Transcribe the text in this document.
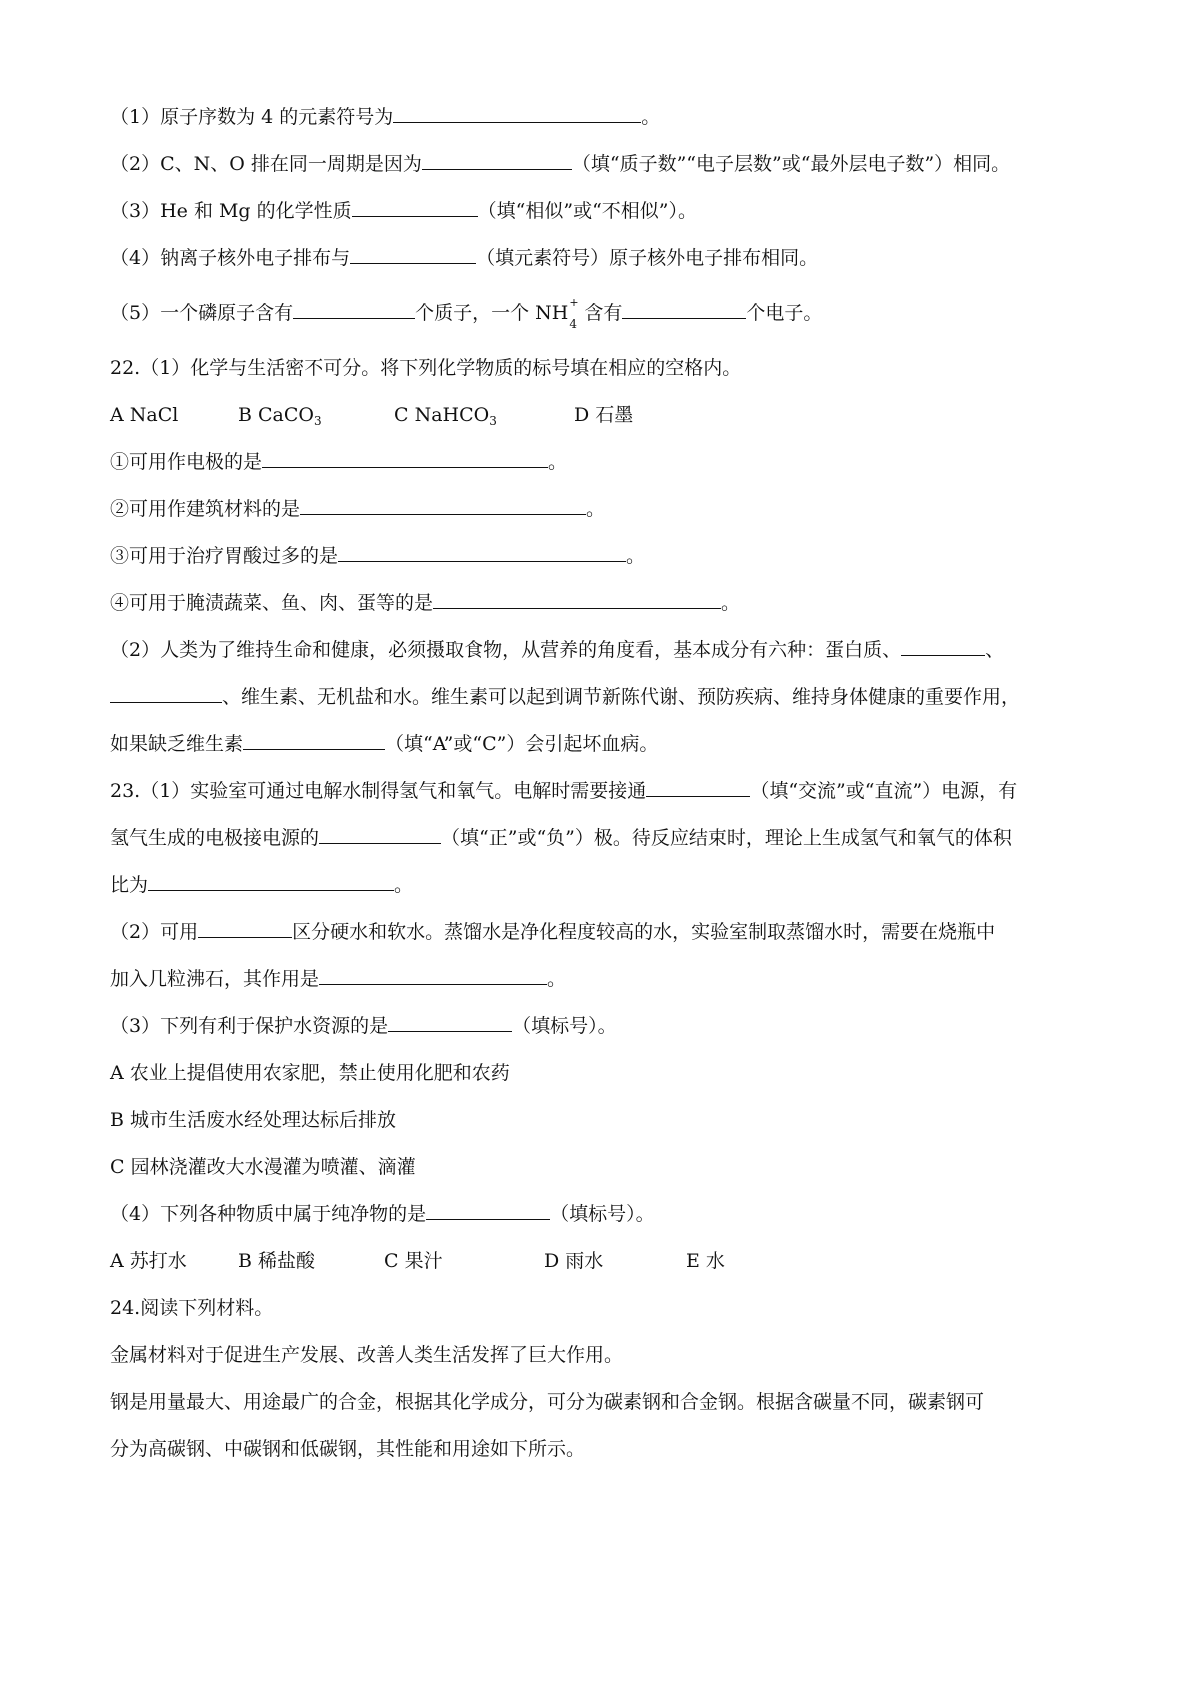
（1）原子序数为 4 的元素符号为	。
（2）C、N、O 排在同一周期是因为	（填“质子数”“电子层数”或“最外层电子数”）相同。
（3）He 和 Mg 的化学性质	（填“相似”或“不相似”）。
（4）钠离子核外电子排布与	（填元素符号）原子核外电子排布相同。
（5）一个磷原子含有	个质子，一个 NH +
4 含有	个电子。
22.（1）化学与生活密不可分。将下列化学物质的标号填在相应的空格内。
A NaCl	B CaCO$_3$	C NaHCO$_3$	D 石墨
①可用作电极的是	。
②可用作建筑材料的是	。
③可用于治疗胃酸过多的是	。
④可用于腌渍蔬菜、鱼、肉、蛋等的是	。
（2）人类为了维持生命和健康，必须摄取食物，从营养的角度看，基本成分有六种：蛋白质、	、
、维生素、无机盐和水。维生素可以起到调节新陈代谢、预防疾病、维持身体健康的重要作用，
如果缺乏维生素	（填“A”或“C”）会引起坏血病。
23.（1）实验室可通过电解水制得氢气和氧气。电解时需要接通	（填“交流”或“直流”）电源，有
氢气生成的电极接电源的	（填“正”或“负”）极。待反应结束时，理论上生成氢气和氧气的体积
比为	。
（2）可用	区分硬水和软水。蒸馏水是净化程度较高的水，实验室制取蒸馏水时，需要在烧瓶中
加入几粒沸石，其作用是	。
（3）下列有利于保护水资源的是	（填标号）。
A 农业上提倡使用农家肥，禁止使用化肥和农药
B 城市生活废水经处理达标后排放
C 园林浇灌改大水漫灌为喷灌、滴灌
（4）下列各种物质中属于纯净物的是	（填标号）。
A 苏打水	B 稀盐酸	C 果汁	D 雨水	E 水
24.阅读下列材料。
金属材料对于促进生产发展、改善人类生活发挥了巨大作用。
钢是用量最大、用途最广的合金，根据其化学成分，可分为碳素钢和合金钢。根据含碳量不同，碳素钢可
分为高碳钢、中碳钢和低碳钢，其性能和用途如下所示。
